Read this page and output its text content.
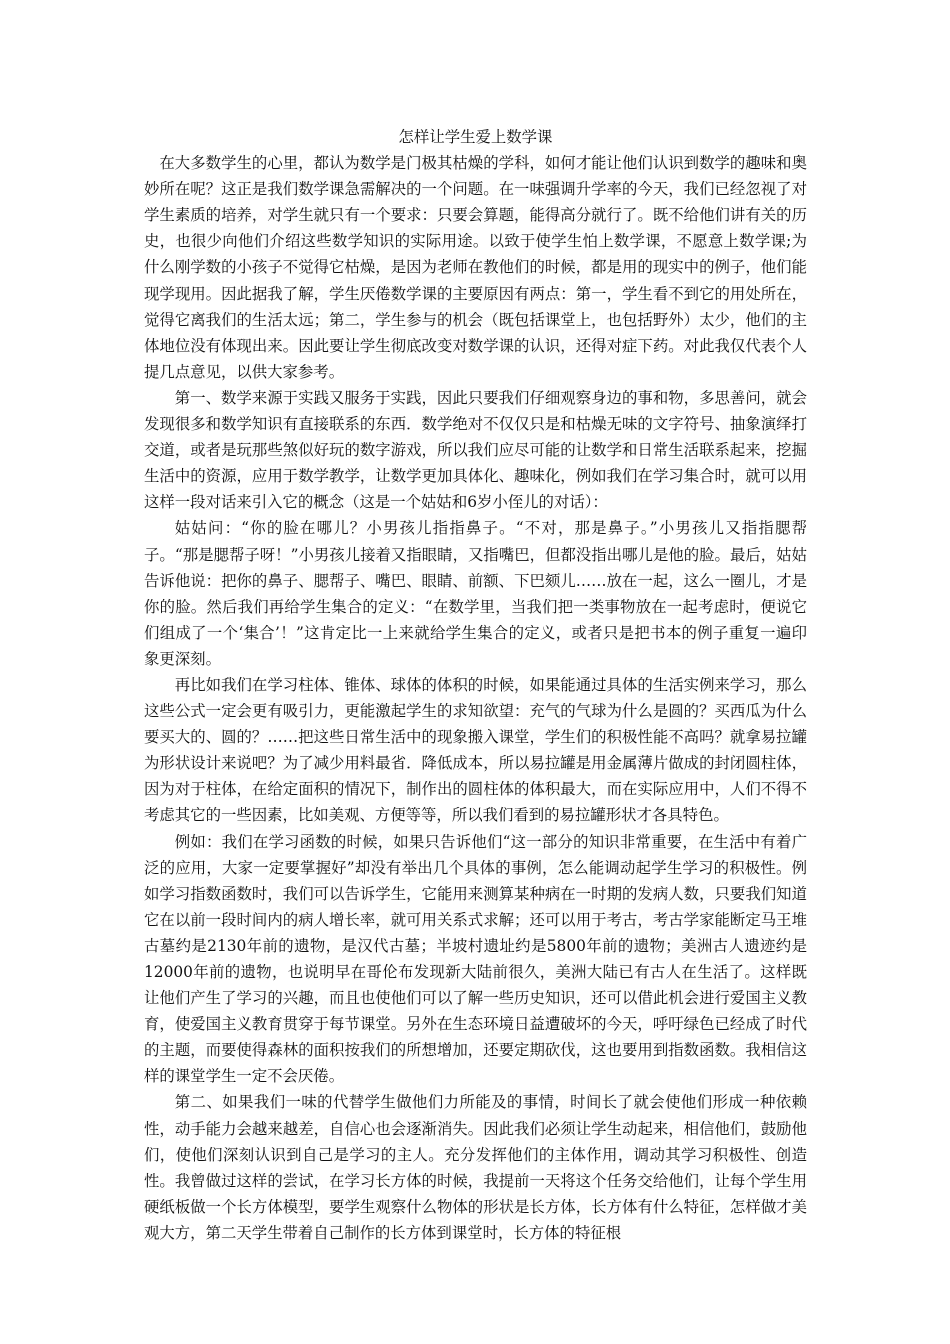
怎样让学生爱上数学课

在大多数学生的心里，都认为数学是门极其枯燥的学科，如何才能让他们认识到数学的趣味和奥妙所在呢？这正是我们数学课急需解决的一个问题。在一味强调升学率的今天，我们已经忽视了对学生素质的培养，对学生就只有一个要求：只要会算题，能得高分就行了。既不给他们讲有关的历史，也很少向他们介绍这些数学知识的实际用途。以致于使学生怕上数学课，不愿意上数学课;为什么刚学数的小孩子不觉得它枯燥，是因为老师在教他们的时候，都是用的现实中的例子，他们能现学现用。因此据我了解，学生厌倦数学课的主要原因有两点：第一，学生看不到它的用处所在，觉得它离我们的生活太远；第二，学生参与的机会（既包括课堂上，也包括野外）太少，他们的主体地位没有体现出来。因此要让学生彻底改变对数学课的认识，还得对症下药。对此我仅代表个人提几点意见，以供大家参考。

第一、数学来源于实践又服务于实践，因此只要我们仔细观察身边的事和物，多思善问，就会发现很多和数学知识有直接联系的东西．数学绝对不仅仅只是和枯燥无味的文字符号、抽象演绎打交道，或者是玩那些煞似好玩的数字游戏，所以我们应尽可能的让数学和日常生活联系起来，挖掘生活中的资源，应用于数学教学，让数学更加具体化、趣味化，例如我们在学习集合时，就可以用这样一段对话来引入它的概念（这是一个姑姑和6岁小侄儿的对话）：

姑姑问：“你的脸在哪儿？小男孩儿指指鼻子。“不对，那是鼻子。”小男孩儿又指指腮帮子。“那是腮帮子呀！”小男孩儿接着又指眼睛，又指嘴巴，但都没指出哪儿是他的脸。最后，姑姑告诉他说：把你的鼻子、腮帮子、嘴巴、眼睛、前额、下巴颏儿……放在一起，这么一圈儿，才是你的脸。然后我们再给学生集合的定义：“在数学里，当我们把一类事物放在一起考虑时，便说它们组成了一个‘集合’！”这肯定比一上来就给学生集合的定义，或者只是把书本的例子重复一遍印象更深刻。

再比如我们在学习柱体、锥体、球体的体积的时候，如果能通过具体的生活实例来学习，那么这些公式一定会更有吸引力，更能激起学生的求知欲望：充气的气球为什么是圆的？买西瓜为什么要买大的、圆的？……把这些日常生活中的现象搬入课堂，学生们的积极性能不高吗？就拿易拉罐为形状设计来说吧？为了减少用料最省．降低成本，所以易拉罐是用金属薄片做成的封闭圆柱体，因为对于柱体，在给定面积的情况下，制作出的圆柱体的体积最大，而在实际应用中，人们不得不考虑其它的一些因素，比如美观、方便等等，所以我们看到的易拉罐形状才各具特色。

例如：我们在学习函数的时候，如果只告诉他们“这一部分的知识非常重要，在生活中有着广泛的应用，大家一定要掌握好”却没有举出几个具体的事例，怎么能调动起学生学习的积极性。例如学习指数函数时，我们可以告诉学生，它能用来测算某种病在一时期的发病人数，只要我们知道它在以前一段时间内的病人增长率，就可用关系式求解；还可以用于考古，考古学家能断定马王堆古墓约是2130年前的遗物，是汉代古墓；半坡村遗址约是5800年前的遗物；美洲古人遗迹约是12000年前的遗物，也说明早在哥伦布发现新大陆前很久，美洲大陆已有古人在生活了。这样既让他们产生了学习的兴趣，而且也使他们可以了解一些历史知识，还可以借此机会进行爱国主义教育，使爱国主义教育贯穿于每节课堂。另外在生态环境日益遭破坏的今天，呼吁绿色已经成了时代的主题，而要使得森林的面积按我们的所想增加，还要定期砍伐，这也要用到指数函数。我相信这样的课堂学生一定不会厌倦。

第二、如果我们一味的代替学生做他们力所能及的事情，时间长了就会使他们形成一种依赖性，动手能力会越来越差，自信心也会逐渐消失。因此我们必须让学生动起来，相信他们，鼓励他们，使他们深刻认识到自己是学习的主人。充分发挥他们的主体作用，调动其学习积极性、创造性。我曾做过这样的尝试，在学习长方体的时候，我提前一天将这个任务交给他们，让每个学生用硬纸板做一个长方体模型，要学生观察什么物体的形状是长方体，长方体有什么特征，怎样做才美观大方，第二天学生带着自己制作的长方体到课堂时，长方体的特征根
